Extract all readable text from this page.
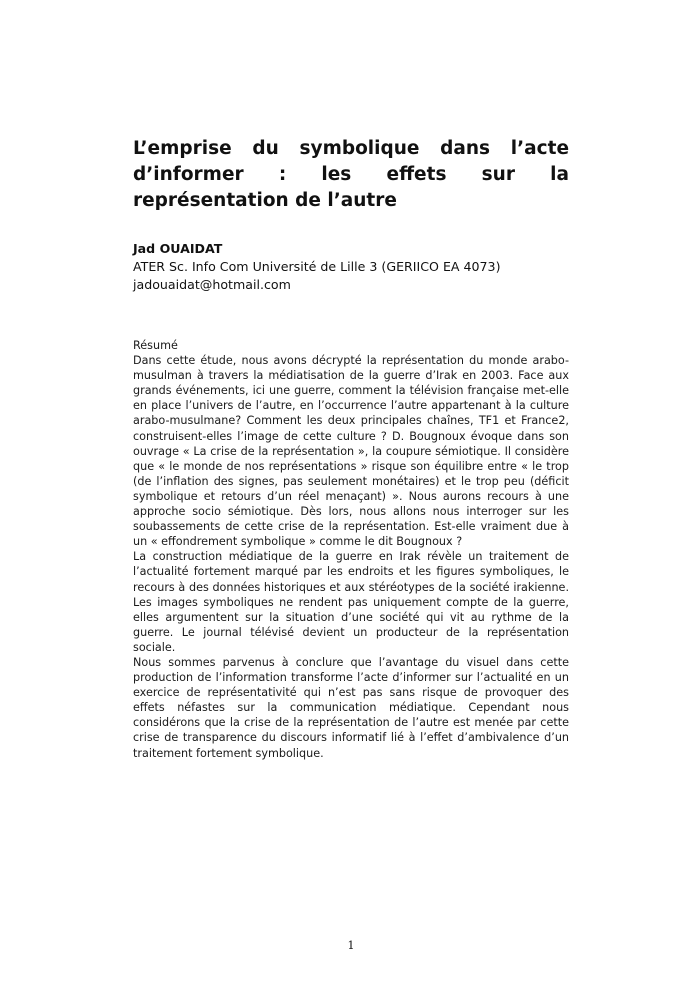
L’emprise du symbolique dans l’acte
d’informer : les effets sur la
représentation de l’autre
Jad OUAIDAT
ATER Sc. Info Com Université de Lille 3 (GERIICO EA 4073)
jadouaidat@hotmail.com
Résumé

Dans cette étude, nous avons décrypté la représentation du monde arabo-musulman à travers la médiatisation de la guerre d’Irak en 2003. Face aux grands événements, ici une guerre, comment la télévision française met-elle en place l’univers de l’autre, en l’occurrence l’autre appartenant à la culture arabo-musulmane? Comment les deux principales chaînes, TF1 et France2, construisent-elles l’image de cette culture ? D. Bougnoux évoque dans son ouvrage « La crise de la représentation », la coupure sémiotique. Il considère que « le monde de nos représentations » risque son équilibre entre « le trop (de l’inflation des signes, pas seulement monétaires) et le trop peu (déficit symbolique et retours d’un réel menaçant) ». Nous aurons recours à une approche socio sémiotique. Dès lors, nous allons nous interroger sur les soubassements de cette crise de la représentation. Est-elle vraiment due à un « effondrement symbolique » comme le dit Bougnoux ?

La construction médiatique de la guerre en Irak révèle un traitement de l’actualité fortement marqué par les endroits et les figures symboliques, le recours à des données historiques et aux stéréotypes de la société irakienne. Les images symboliques ne rendent pas uniquement compte de la guerre, elles argumentent sur la situation d’une société qui vit au rythme de la guerre. Le journal télévisé devient un producteur de la représentation sociale.

Nous sommes parvenus à conclure que l’avantage du visuel dans cette production de l’information transforme l’acte d’informer sur l’actualité en un exercice de représentativité qui n’est pas sans risque de provoquer des effets néfastes sur la communication médiatique. Cependant nous considérons que la crise de la représentation de l’autre est menée par cette crise de transparence du discours informatif lié à l’effet d’ambivalence d’un traitement fortement symbolique.

1
